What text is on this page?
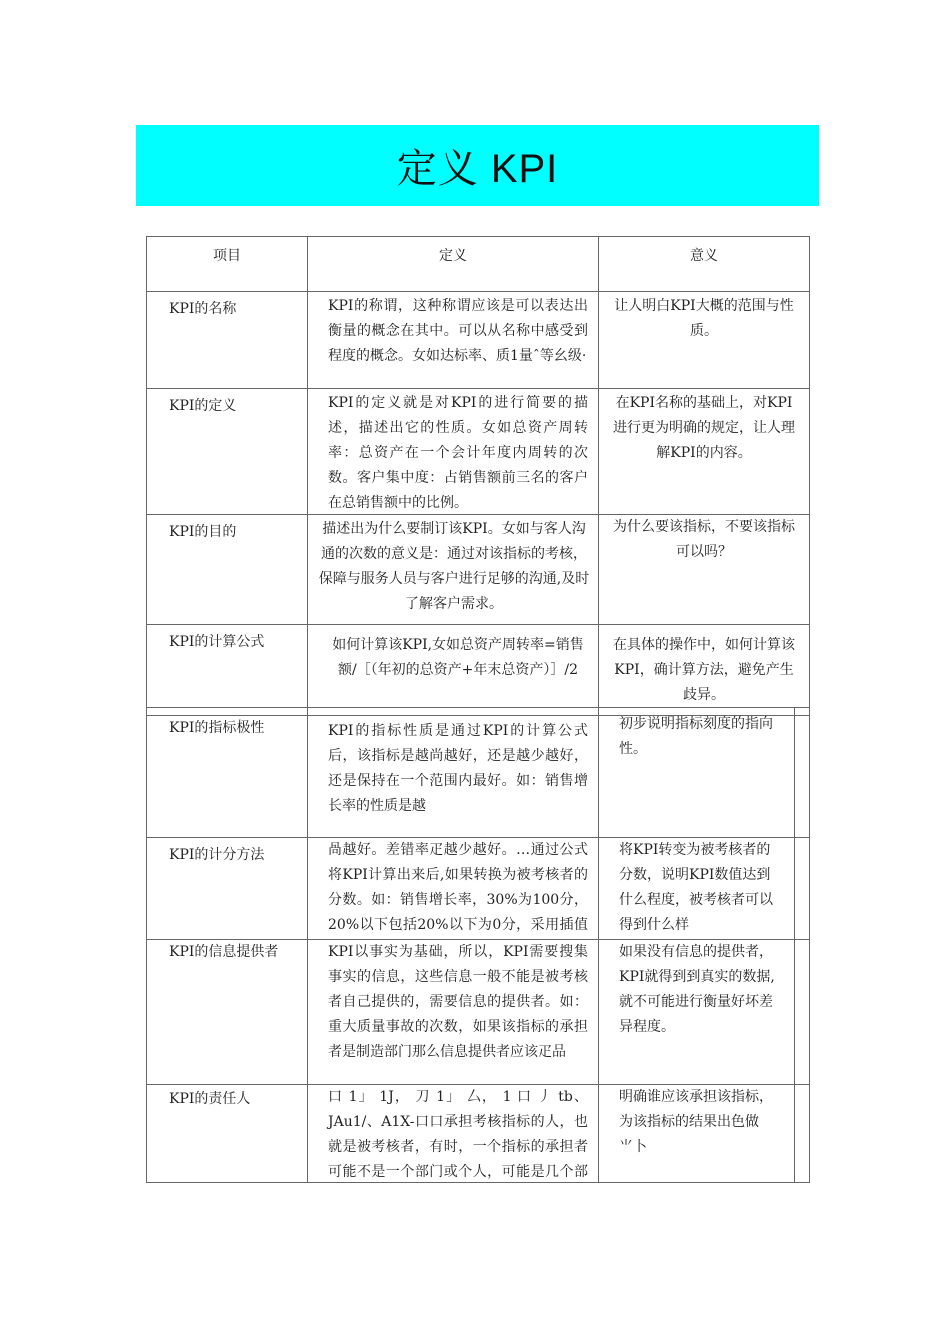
定义 KPI
项目	定义	意义

KPI的名称	KPI的称谓，这种称谓应该是可以表达出衡量的概念在其中。可以从名称中感受到程度的概念。女如达标率、质1量ˆ等幺级·	让人明白KPI大概的范围与性质。

KPI的定义	KPI的定义就是对KPI的进行简要的描述，描述出它的性质。女如总资产周转率：总资产在一个会计年度内周转的次数。客户集中度：占销售额前三名的客户在总销售额中的比例。	在KPI名称的基础上，对KPI进行更为明确的规定，让人理解KPI的内容。

KPI的目的	描述出为什么要制订该KPI。女如与客人沟通的次数的意义是：通过对该指标的考核，保障与服务人员与客户进行足够的沟通,及时了解客户需求。	为什么要该指标，不要该指标可以吗？

KPI的计算公式	如何计算该KPI,女如总资产周转率=销售额/［（年初的总资产+年末总资产）］/2	在具体的操作中，如何计算该KPI，确计算方法，避免产生歧异。
KPI的指标极性	KPI的指标性质是通过KPI的计算公式后，该指标是越尚越好，还是越少越好，还是保持在一个范围内最好。如：销售增长率的性质是越	初步说明指标刻度的指向性。	

KPI的计分方法	咼越好。差错率疋越少越好。…通过公式将KPI计算出来后,如果转换为被考核者的分数。如：销售增长率，30%为100分，20%以下包括20%以下为0分，采用插值	将KPI转变为被考核者的分数，说明KPI数值达到什么程度，被考核者可以得到什么样	

KPI的信息提供者	KPI以事实为基础，所以，KPI需要搜集事实的信息，这些信息一般不能是被考核者自己提供的，需要信息的提供者。如：重大质量事故的次数，如果该指标的承担者是制造部门那么信息提供者应该疋品	如果没有信息的提供者，KPI就得到到真实的数据,就不可能进行衡量好坏差异程度。	

KPI的责任人	口 1」 1J， 刀 1」 厶， 1 口 丿 tb、JAu1/、A1X-口口承担考核指标的人，也就是被考核者，有时，一个指标的承担者可能不是一个部门或个人，可能是几个部	明确谁应该承担该指标，为该指标的结果出色做
⺌卜	
